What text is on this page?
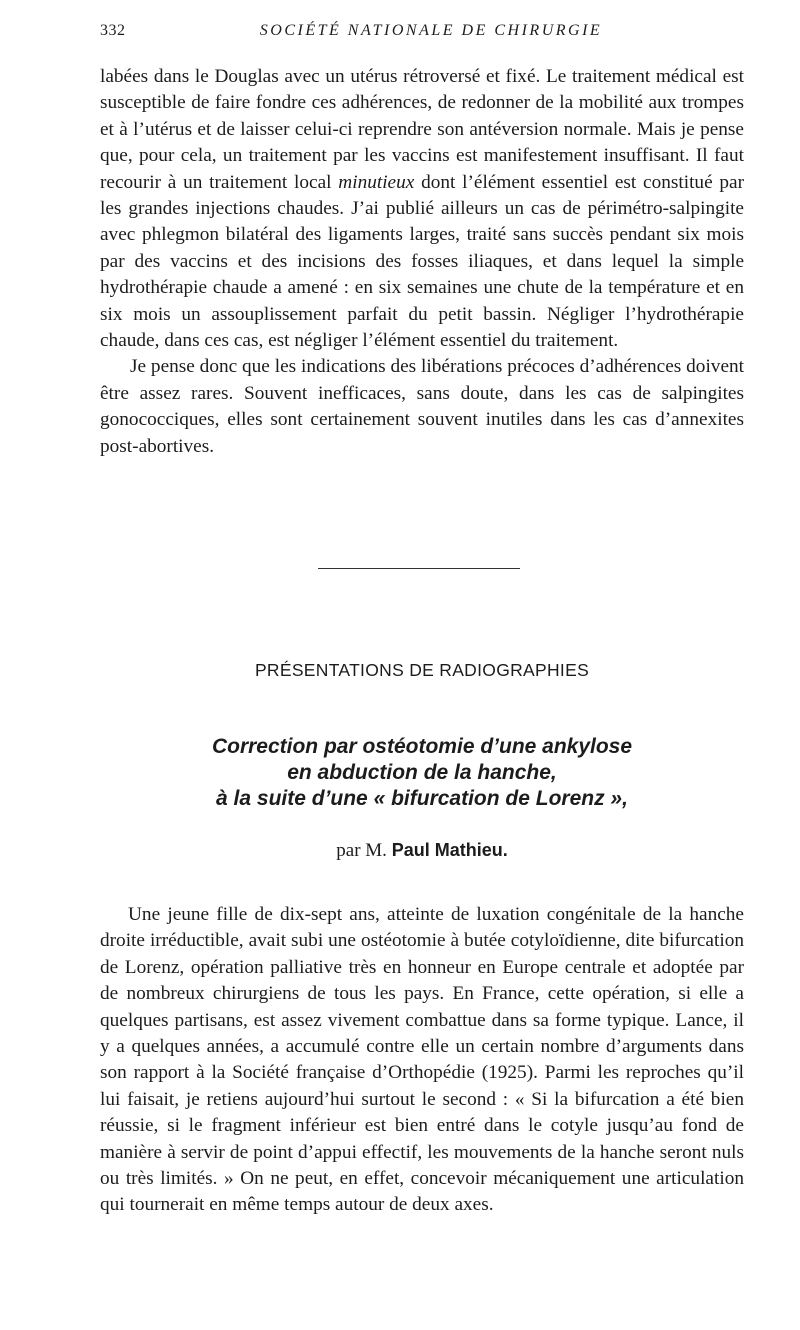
332	SOCIÉTÉ NATIONALE DE CHIRURGIE

labées dans le Douglas avec un utérus rétroversé et fixé. Le traitement médical est susceptible de faire fondre ces adhérences, de redonner de la mobilité aux trompes et à l’utérus et de laisser celui-ci reprendre son antéversion normale. Mais je pense que, pour cela, un traitement par les vaccins est manifestement insuffisant. Il faut recourir à un traitement local minutieux dont l’élément essentiel est constitué par les grandes injections chaudes. J’ai publié ailleurs un cas de périmétro-salpingite avec phlegmon bilatéral des ligaments larges, traité sans succès pendant six mois par des vaccins et des incisions des fosses iliaques, et dans lequel la simple hydrothérapie chaude a amené : en six semaines une chute de la température et en six mois un assouplissement parfait du petit bassin. Négliger l’hydrothérapie chaude, dans ces cas, est négliger l’élément essentiel du traitement.

Je pense donc que les indications des libérations précoces d’adhérences doivent être assez rares. Souvent inefficaces, sans doute, dans les cas de salpingites gonococciques, elles sont certainement souvent inutiles dans les cas d’annexites post-abortives.

PRÉSENTATIONS DE RADIOGRAPHIES
Correction par ostéotomie d’une ankylose
en abduction de la hanche,
à la suite d’une « bifurcation de Lorenz »,
par M. Paul Mathieu.

Une jeune fille de dix-sept ans, atteinte de luxation congénitale de la hanche droite irréductible, avait subi une ostéotomie à butée cotyloïdienne, dite bifurcation de Lorenz, opération palliative très en honneur en Europe centrale et adoptée par de nombreux chirurgiens de tous les pays. En France, cette opération, si elle a quelques partisans, est assez vivement combattue dans sa forme typique. Lance, il y a quelques années, a accumulé contre elle un certain nombre d’arguments dans son rapport à la Société française d’Orthopédie (1925). Parmi les reproches qu’il lui faisait, je retiens aujourd’hui surtout le second : « Si la bifurcation a été bien réussie, si le fragment inférieur est bien entré dans le cotyle jusqu’au fond de manière à servir de point d’appui effectif, les mouvements de la hanche seront nuls ou très limités. » On ne peut, en effet, concevoir mécaniquement une articulation qui tournerait en même temps autour de deux axes.
